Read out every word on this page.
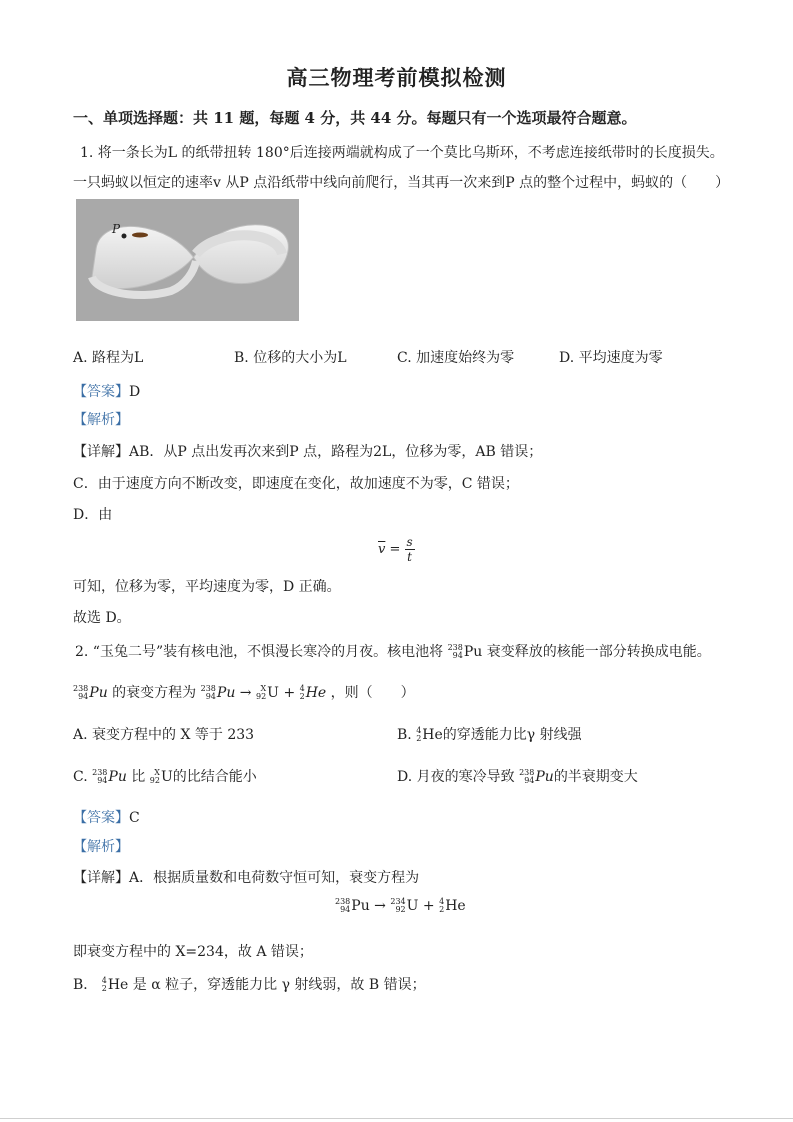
高三物理考前模拟检测
一、单项选择题：共 11 题，每题 4 分，共 44 分。每题只有一个选项最符合题意。
1. 将一条长为L 的纸带扭转 180°后连接两端就构成了一个莫比乌斯环，不考虑连接纸带时的长度损失。
一只蚂蚁以恒定的速率v 从P 点沿纸带中线向前爬行，当其再一次来到P 点的整个过程中，蚂蚁的（　　）
P
A. 路程为L	B. 位移的大小为L	C. 加速度始终为零	D. 平均速度为零
【答案】D
【解析】
【详解】AB．从P 点出发再次来到P 点，路程为2L，位移为零，AB 错误；
C．由于速度方向不断改变，即速度在变化，故加速度不为零，C 错误；
D．由
$\overline{v} = \frac{s}{t}$
可知，位移为零，平均速度为零，D 正确。
故选 D。
2. “玉兔二号”装有核电池，不惧漫长寒冷的月夜。核电池将 238
94 Pu 衰变释放的核能一部分转换成电能。
238
94 Pu 的衰变方程为 238
94 Pu →	X
92 U + 4
2 He ，则（　　）
A. 衰变方程中的 X 等于 233	B. 4
2 He的穿透能力比γ 射线强
C. 238
94 Pu 比	X
92 U的比结合能小	D. 月夜的寒冷导致 238
94 Pu的半衰期变大
【答案】C
【解析】
【详解】A．根据质量数和电荷数守恒可知，衰变方程为
238
94 Pu → 234
92 U + 4
2 He
即衰变方程中的 X=234，故 A 错误；
B． 4
2 He 是 α 粒子，穿透能力比 γ 射线弱，故 B 错误；
